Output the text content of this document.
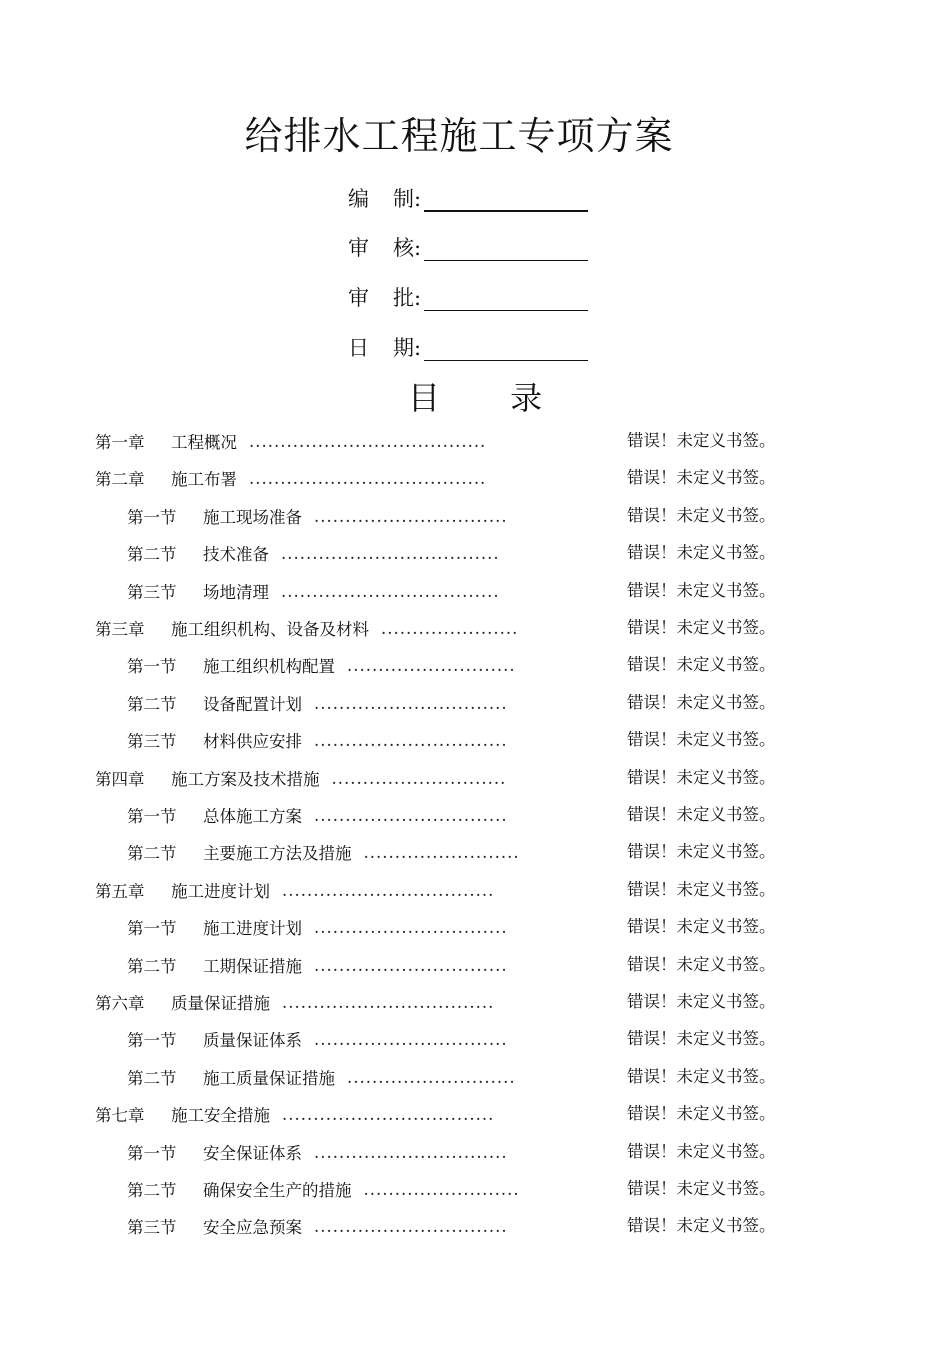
给排水工程施工专项方案
编 制 :
审 核 :
审 批 :
日 期 :
目 录
第一章	工程概况 ......................................	错误！未定义书签。
第二章	施工布署 ......................................	错误！未定义书签。
第一节	施工现场准备 ...............................	错误！未定义书签。
第二节	技术准备 ...................................	错误！未定义书签。
第三节	场地清理 ...................................	错误！未定义书签。
第三章	施工组织机构、设备及材料 ......................	错误！未定义书签。
第一节	施工组织机构配置 ...........................	错误！未定义书签。
第二节	设备配置计划 ...............................	错误！未定义书签。
第三节	材料供应安排 ...............................	错误！未定义书签。
第四章	施工方案及技术措施 ............................	错误！未定义书签。
第一节	总体施工方案 ...............................	错误！未定义书签。
第二节	主要施工方法及措施 .........................	错误！未定义书签。
第五章	施工进度计划 ..................................	错误！未定义书签。
第一节	施工进度计划 ...............................	错误！未定义书签。
第二节	工期保证措施 ...............................	错误！未定义书签。
第六章	质量保证措施 ..................................	错误！未定义书签。
第一节	质量保证体系 ...............................	错误！未定义书签。
第二节	施工质量保证措施 ...........................	错误！未定义书签。
第七章	施工安全措施 ..................................	错误！未定义书签。
第一节	安全保证体系 ...............................	错误！未定义书签。
第二节	确保安全生产的措施 .........................	错误！未定义书签。
第三节	安全应急预案 ...............................	错误！未定义书签。
